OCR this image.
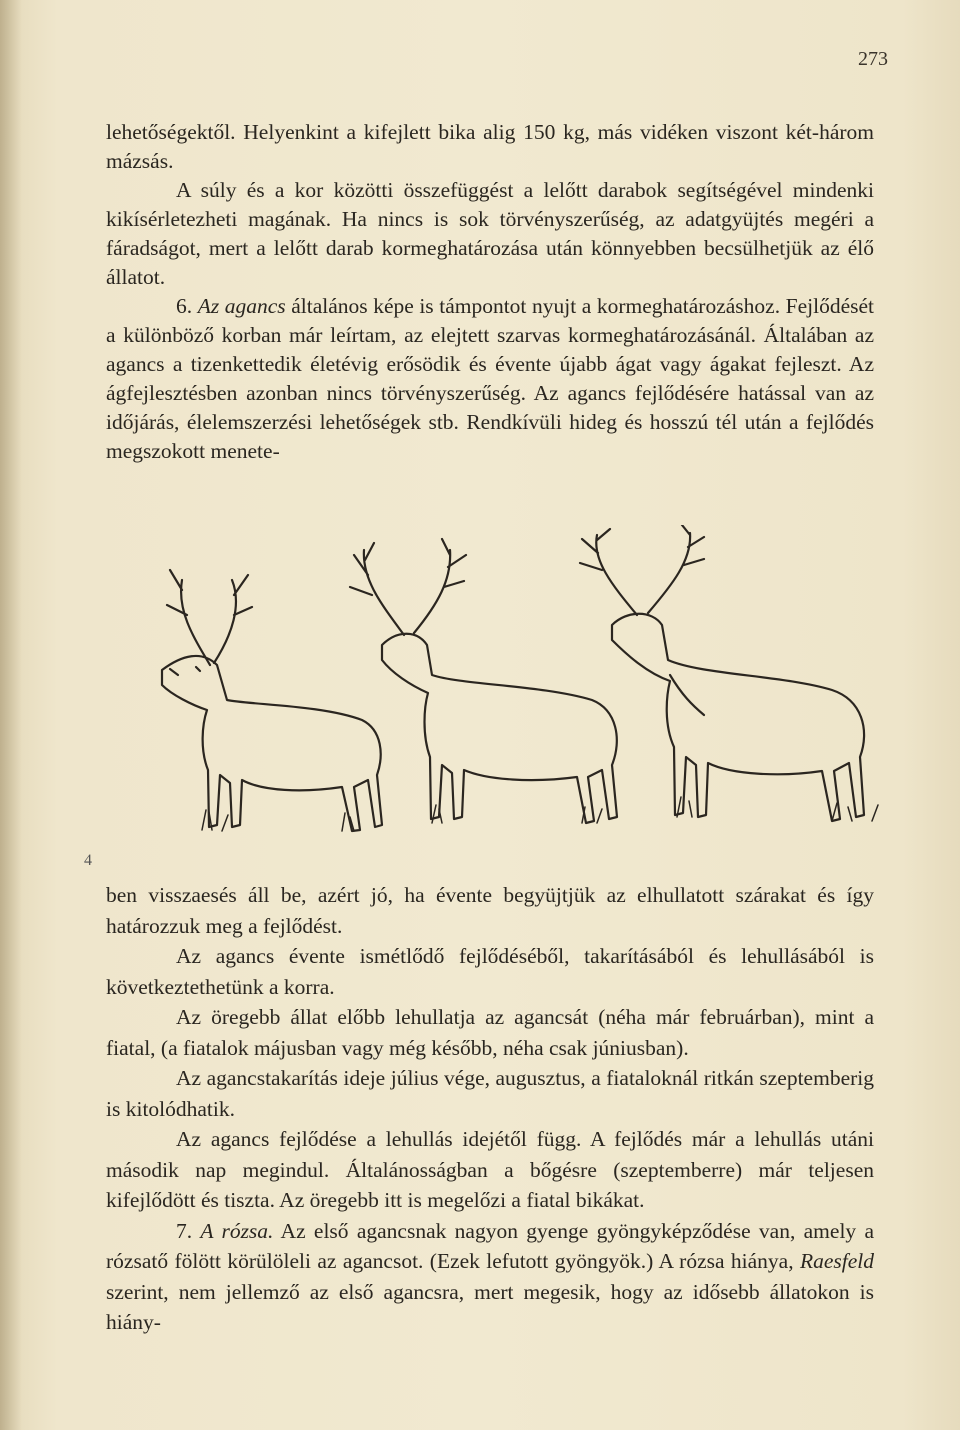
273

lehetőségektől. Helyenkint a kifejlett bika alig 150 kg, más vidéken viszont két-három mázsás.

A súly és a kor közötti összefüggést a lelőtt darabok segítségével mindenki kikísérletezheti magának. Ha nincs is sok törvényszerűség, az adatgyüjtés megéri a fáradságot, mert a lelőtt darab kormeghatározása után könnyebben becsülhetjük az élő állatot.

6. Az agancs általános képe is támpontot nyujt a kormeghatározáshoz. Fejlődését a különböző korban már leírtam, az elejtett szarvas kormeghatározásánál. Általában az agancs a tizenkettedik életévig erősödik és évente újabb ágat vagy ágakat fejleszt. Az ágfejlesztésben azonban nincs törvényszerűség. Az agancs fejlődésére hatással van az időjárás, élelemszerzési lehetőségek stb. Rendkívüli hideg és hosszú tél után a fejlődés megszokott menete-

4

ben visszaesés áll be, azért jó, ha évente begyüjtjük az elhullatott szárakat és így határozzuk meg a fejlődést.

Az agancs évente ismétlődő fejlődéséből, takarításából és lehullásából is következtethetünk a korra.

Az öregebb állat előbb lehullatja az agancsát (néha már februárban), mint a fiatal, (a fiatalok májusban vagy még később, néha csak júniusban).

Az agancstakarítás ideje július vége, augusztus, a fiataloknál ritkán szeptemberig is kitolódhatik.

Az agancs fejlődése a lehullás idejétől függ. A fejlődés már a lehullás utáni második nap megindul. Általánosságban a bőgésre (szeptemberre) már teljesen kifejlődött és tiszta. Az öregebb itt is megelőzi a fiatal bikákat.

7. A rózsa. Az első agancsnak nagyon gyenge gyöngyképződése van, amely a rózsatő fölött körülöleli az agancsot. (Ezek lefutott gyöngyök.) A rózsa hiánya, Raesfeld szerint, nem jellemző az első agancsra, mert megesik, hogy az idősebb állatokon is hiány-
